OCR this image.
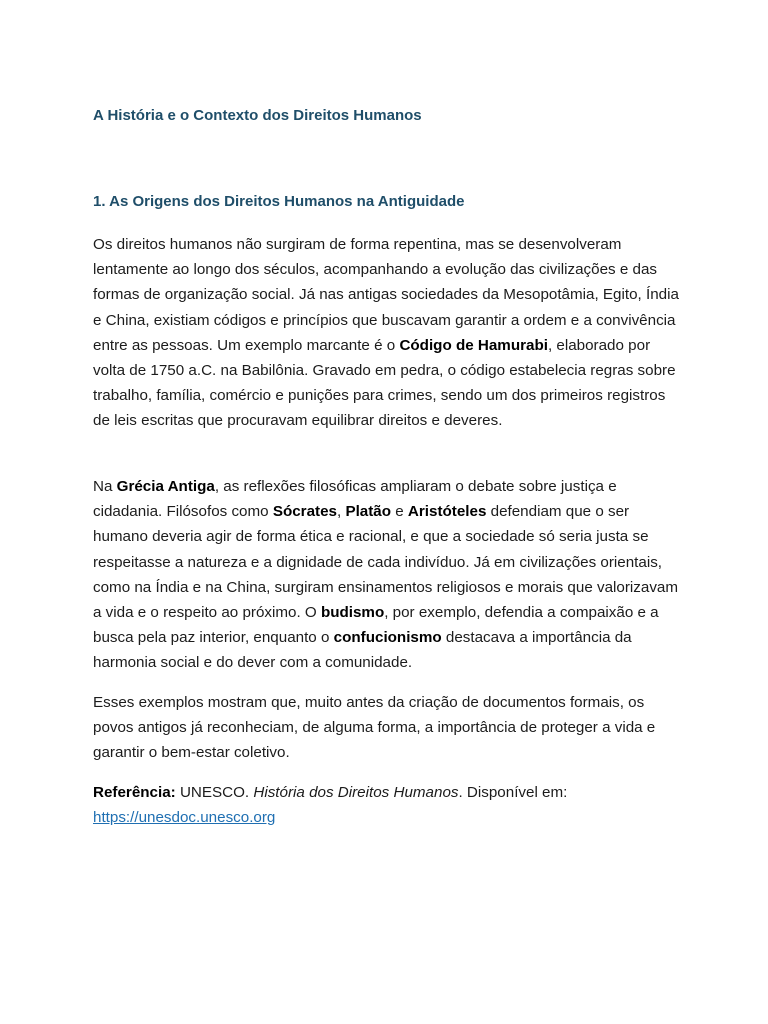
A História e o Contexto dos Direitos Humanos
1. As Origens dos Direitos Humanos na Antiguidade

Os direitos humanos não surgiram de forma repentina, mas se desenvolveram lentamente ao longo dos séculos, acompanhando a evolução das civilizações e das formas de organização social. Já nas antigas sociedades da Mesopotâmia, Egito, Índia e China, existiam códigos e princípios que buscavam garantir a ordem e a convivência entre as pessoas. Um exemplo marcante é o Código de Hamurabi, elaborado por volta de 1750 a.C. na Babilônia. Gravado em pedra, o código estabelecia regras sobre trabalho, família, comércio e punições para crimes, sendo um dos primeiros registros de leis escritas que procuravam equilibrar direitos e deveres.

Na Grécia Antiga, as reflexões filosóficas ampliaram o debate sobre justiça e cidadania. Filósofos como Sócrates, Platão e Aristóteles defendiam que o ser humano deveria agir de forma ética e racional, e que a sociedade só seria justa se respeitasse a natureza e a dignidade de cada indivíduo. Já em civilizações orientais, como na Índia e na China, surgiram ensinamentos religiosos e morais que valorizavam a vida e o respeito ao próximo. O budismo, por exemplo, defendia a compaixão e a busca pela paz interior, enquanto o confucionismo destacava a importância da harmonia social e do dever com a comunidade.

Esses exemplos mostram que, muito antes da criação de documentos formais, os povos antigos já reconheciam, de alguma forma, a importância de proteger a vida e garantir o bem-estar coletivo.

Referência: UNESCO. História dos Direitos Humanos. Disponível em: https://unesdoc.unesco.org
